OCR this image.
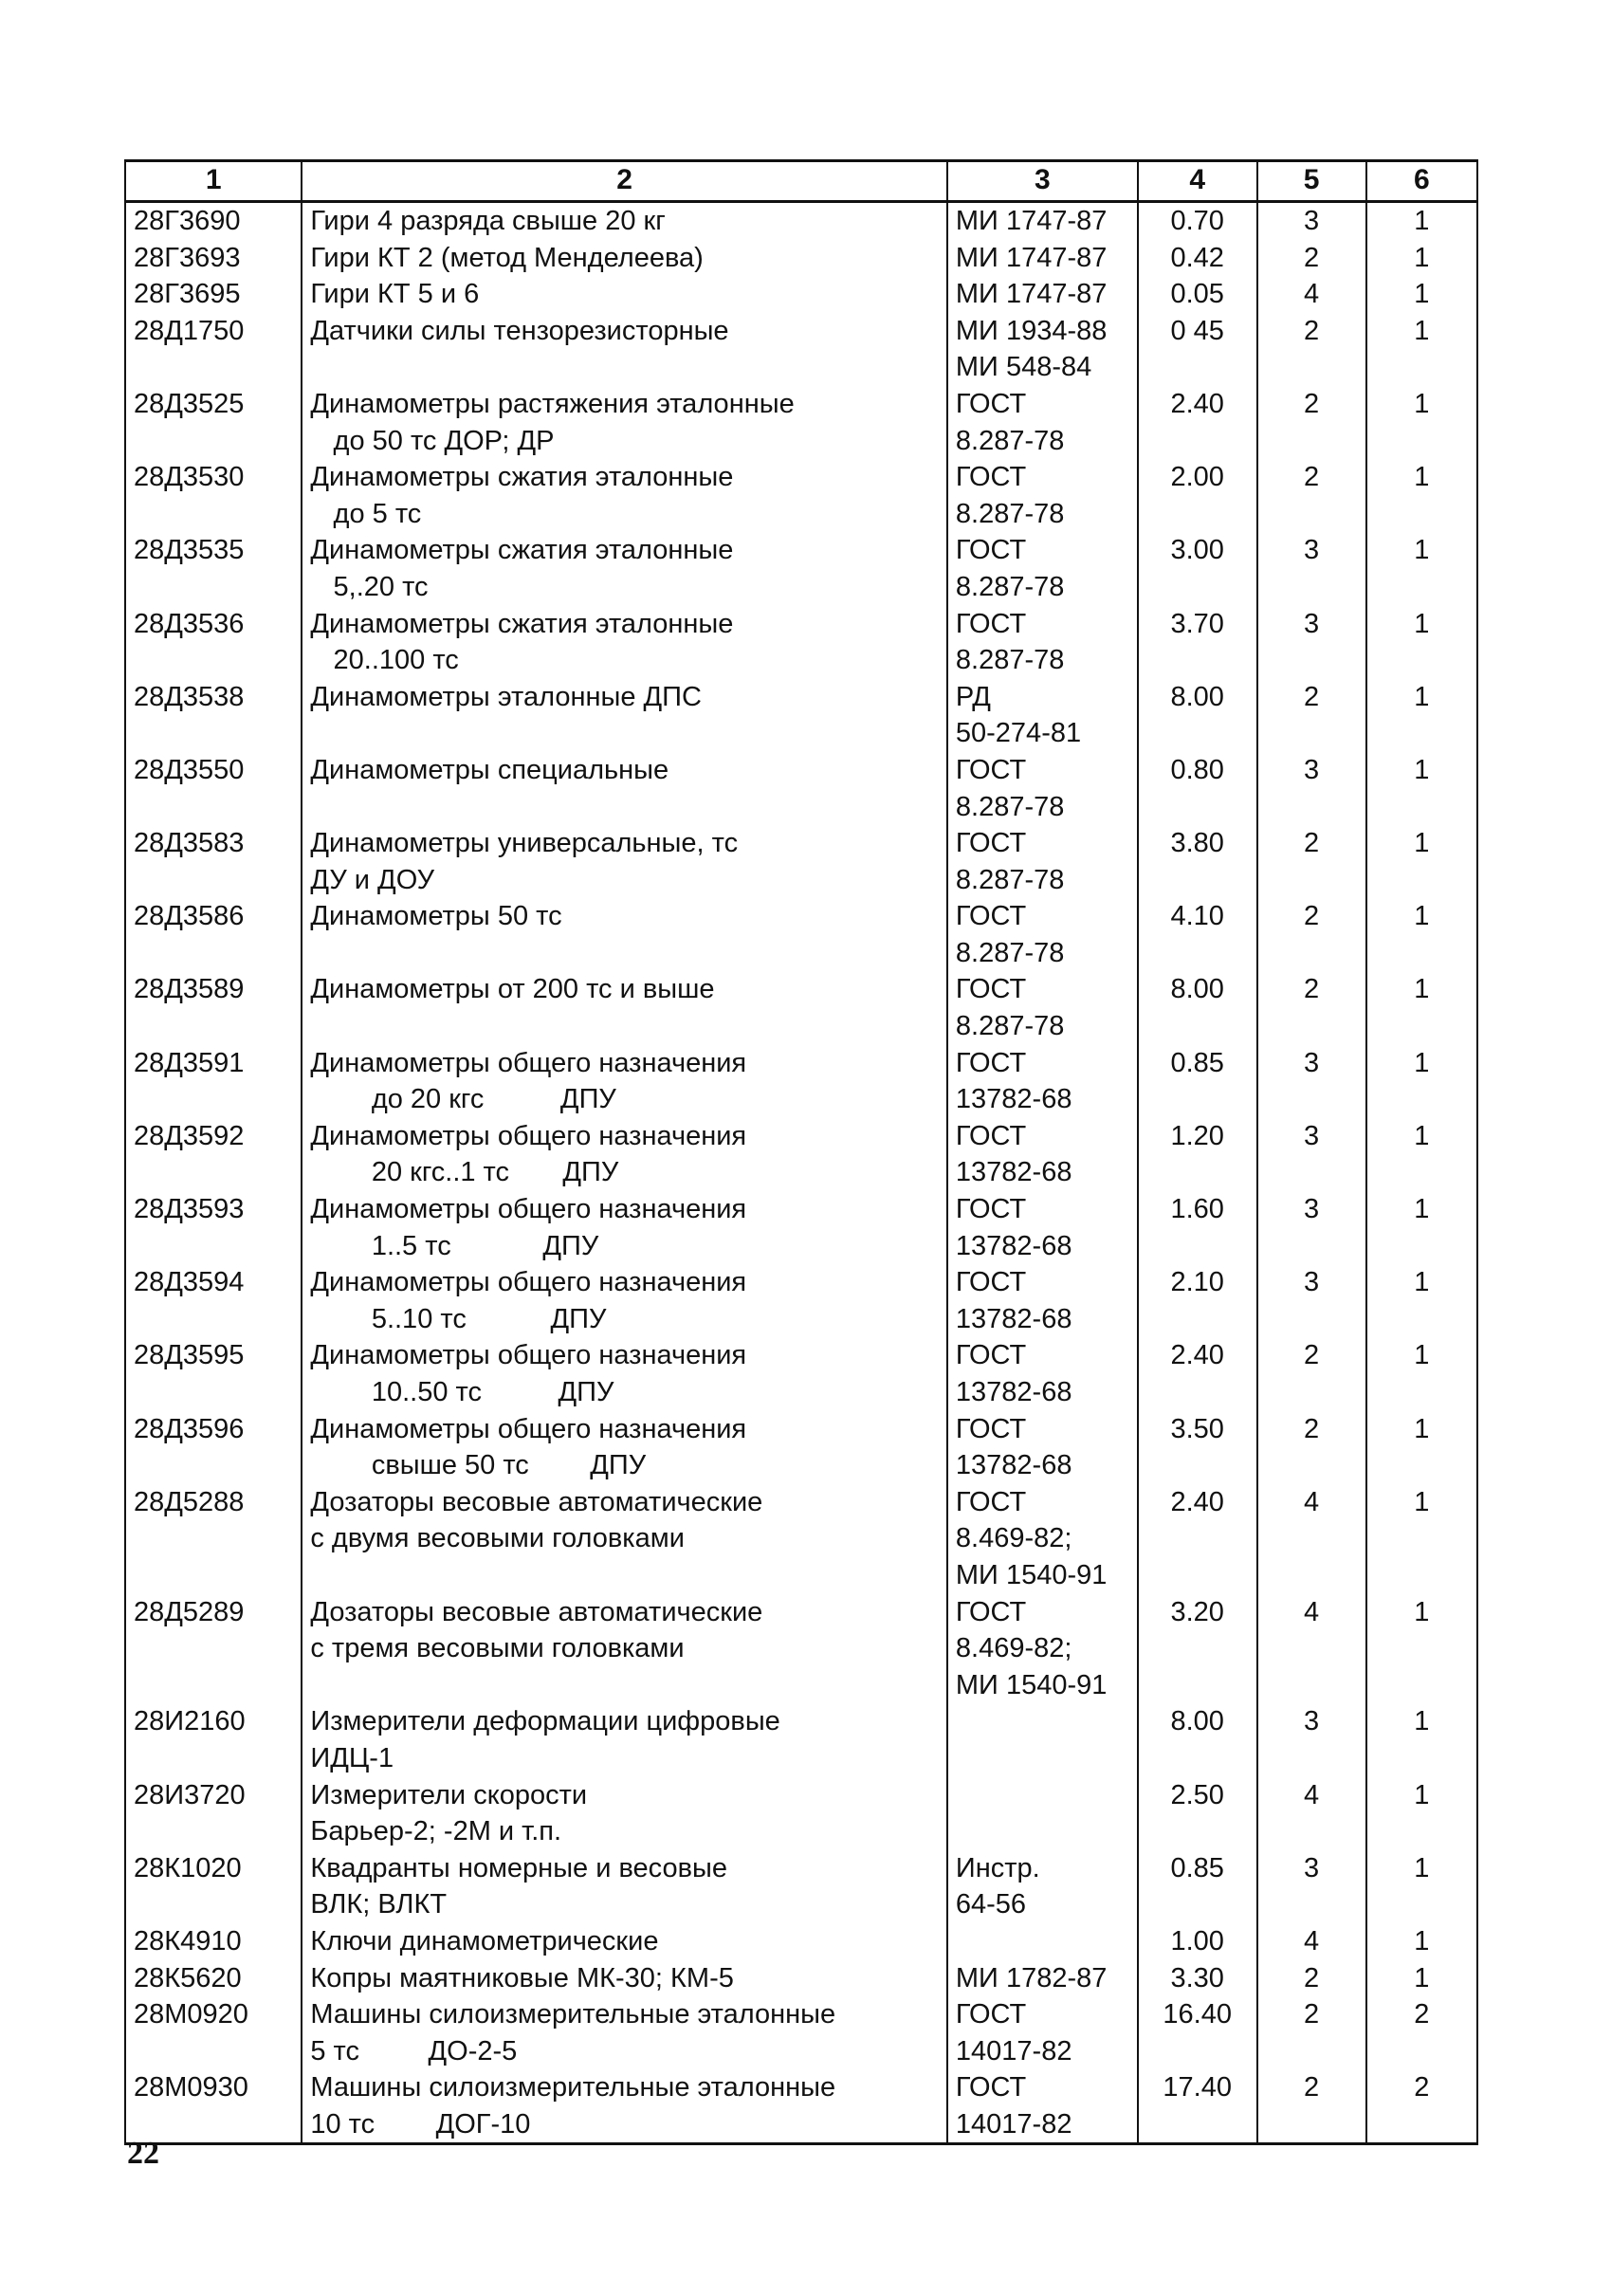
1	2	3	4	5	6
28Г3690	Гири 4 разряда свыше 20 кг	МИ 1747-87	0.70	3	1
28Г3693	Гири КТ 2 (метод Менделеева)	МИ 1747-87	0.42	2	1
28Г3695	Гири КТ 5 и 6	МИ 1747-87	0.05	4	1
28Д1750	Датчики силы тензорезисторные	МИ 1934-88
МИ 548-84	0 45	2	1
28Д3525	Динамометры растяжения эталонные
до 50 тс ДОР; ДР	ГОСТ
8.287-78	2.40	2	1
28Д3530	Динамометры сжатия эталонные
до 5 тс	ГОСТ
8.287-78	2.00	2	1
28Д3535	Динамометры сжатия эталонные
5,.20 тс	ГОСТ
8.287-78	3.00	3	1
28Д3536	Динамометры сжатия эталонные
20..100 тс	ГОСТ
8.287-78	3.70	3	1
28Д3538	Динамометры эталонные ДПС	РД
50-274-81	8.00	2	1
28Д3550	Динамометры специальные	ГОСТ
8.287-78	0.80	3	1
28Д3583	Динамометры универсальные, тс
ДУ и ДОУ	ГОСТ
8.287-78	3.80	2	1
28Д3586	Динамометры 50 тс	ГОСТ
8.287-78	4.10	2	1
28Д3589	Динамометры от 200 тс и выше	ГОСТ
8.287-78	8.00	2	1
28Д3591	Динамометры общего назначения
до 20 кгс          ДПУ	ГОСТ
13782-68	0.85	3	1
28Д3592	Динамометры общего назначения
20 кгс..1 тс       ДПУ	ГОСТ
13782-68	1.20	3	1
28Д3593	Динамометры общего назначения
1..5 тс            ДПУ	ГОСТ
13782-68	1.60	3	1
28Д3594	Динамометры общего назначения
5..10 тс           ДПУ	ГОСТ
13782-68	2.10	3	1
28Д3595	Динамометры общего назначения
10..50 тс          ДПУ	ГОСТ
13782-68	2.40	2	1
28Д3596	Динамометры общего назначения
свыше 50 тс        ДПУ	ГОСТ
13782-68	3.50	2	1
28Д5288	Дозаторы весовые автоматические
с двумя весовыми головками	ГОСТ
8.469-82;
МИ 1540-91	2.40	4	1
28Д5289	Дозаторы весовые автоматические
с тремя весовыми головками	ГОСТ
8.469-82;
МИ 1540-91	3.20	4	1
28И2160	Измерители деформации цифровые
ИДЦ-1		8.00	3	1
28И3720	Измерители скорости
Барьер-2; -2М и т.п.		2.50	4	1
28К1020	Квадранты номерные и весовые
ВЛК; ВЛКТ	Инстр.
64-56	0.85	3	1
28К4910	Ключи динамометрические		1.00	4	1
28К5620	Копры маятниковые МК-30; КМ-5	МИ 1782-87	3.30	2	1
28М0920	Машины силоизмерительные эталонные
5 тс         ДО-2-5	ГОСТ
14017-82	16.40	2	2
28М0930	Машины силоизмерительные эталонные
10 тс        ДОГ-10	ГОСТ
14017-82	17.40	2	2
22
